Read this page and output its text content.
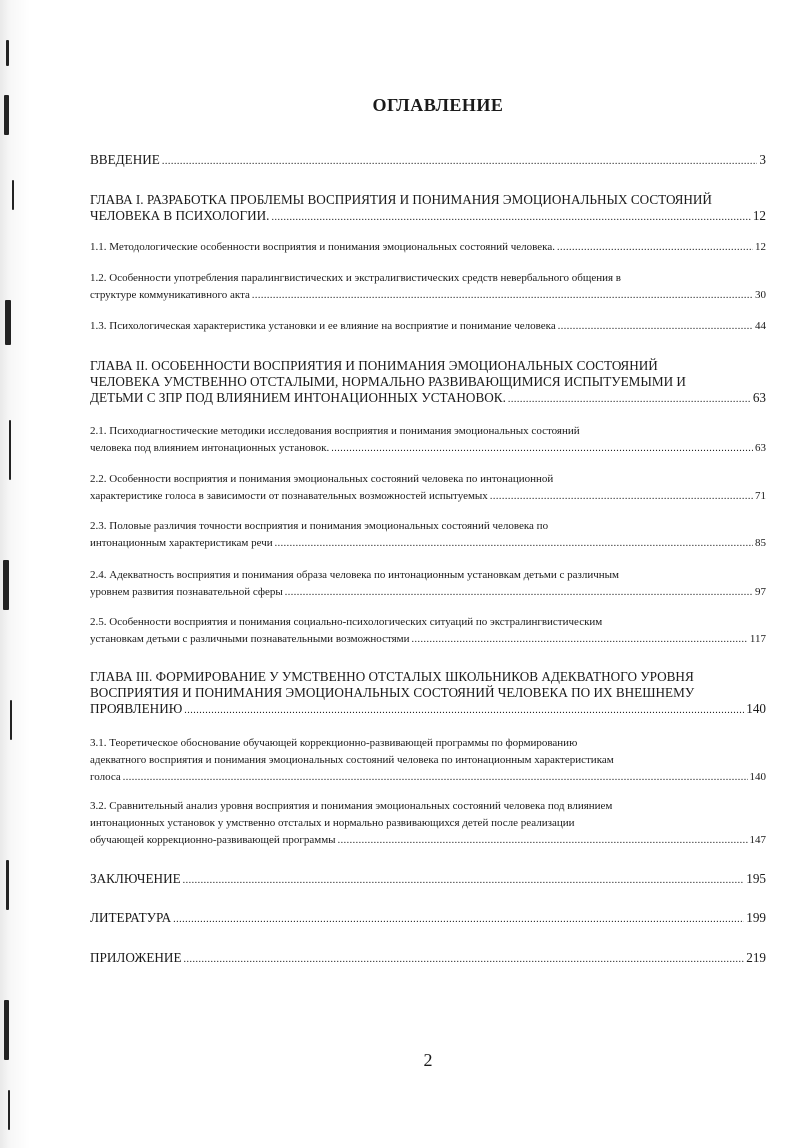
ОГЛАВЛЕНИЕ
ВВЕДЕНИЕ .....	3
ГЛАВА I. РАЗРАБОТКА ПРОБЛЕМЫ ВОСПРИЯТИЯ И ПОНИМАНИЯ ЭМОЦИОНАЛЬНЫХ СОСТОЯНИЙ
ЧЕЛОВЕКА В ПСИХОЛОГИИ. .....	12
1.1. Методологические особенности восприятия и понимания эмоциональных состояний человека. .....	12
1.2. Особенности употребления паралингвистических и экстралигвистических средств невербального общения в
структуре коммуникативного акта .....	30
1.3. Психологическая характеристика установки и ее влияние на восприятие и понимание человека .....	44
ГЛАВА II. ОСОБЕННОСТИ ВОСПРИЯТИЯ И ПОНИМАНИЯ ЭМОЦИОНАЛЬНЫХ СОСТОЯНИЙ
ЧЕЛОВЕКА УМСТВЕННО ОТСТАЛЫМИ, НОРМАЛЬНО РАЗВИВАЮЩИМИСЯ ИСПЫТУЕМЫМИ И
ДЕТЬМИ С ЗПР ПОД ВЛИЯНИЕМ ИНТОНАЦИОННЫХ УСТАНОВОК. .....	63
2.1. Психодиагностические методики исследования восприятия и понимания эмоциональных состояний
человека под влиянием интонационных установок. .....	63
2.2. Особенности восприятия и понимания эмоциональных состояний человека по интонационной
характеристике голоса в зависимости от познавательных возможностей испытуемых .....	71
2.3. Половые различия точности восприятия и понимания эмоциональных состояний человека по
интонационным характеристикам речи .....	85
2.4. Адекватность восприятия и понимания образа человека по интонационным установкам детьми с различным
уровнем развития познавательной сферы .....	97
2.5. Особенности восприятия и понимания социально-психологических ситуаций по экстралингвистическим
установкам детьми с различными познавательными возможностями .....	117
ГЛАВА III. ФОРМИРОВАНИЕ У УМСТВЕННО ОТСТАЛЫХ ШКОЛЬНИКОВ АДЕКВАТНОГО УРОВНЯ
ВОСПРИЯТИЯ И ПОНИМАНИЯ ЭМОЦИОНАЛЬНЫХ СОСТОЯНИЙ ЧЕЛОВЕКА ПО ИХ ВНЕШНЕМУ
ПРОЯВЛЕНИЮ .....	140
3.1. Теоретическое обоснование обучающей коррекционно-развивающей программы по формированию
адекватного восприятия и понимания эмоциональных состояний человека по интонационным характеристикам
голоса .....	140
3.2. Сравнительный анализ уровня восприятия и понимания эмоциональных состояний человека под влиянием
интонационных установок у умственно отсталых и нормально развивающихся детей после реализации
обучающей коррекционно-развивающей программы .....	147
ЗАКЛЮЧЕНИЕ .....	195
ЛИТЕРАТУРА .....	199
ПРИЛОЖЕНИЕ .....	219
2
